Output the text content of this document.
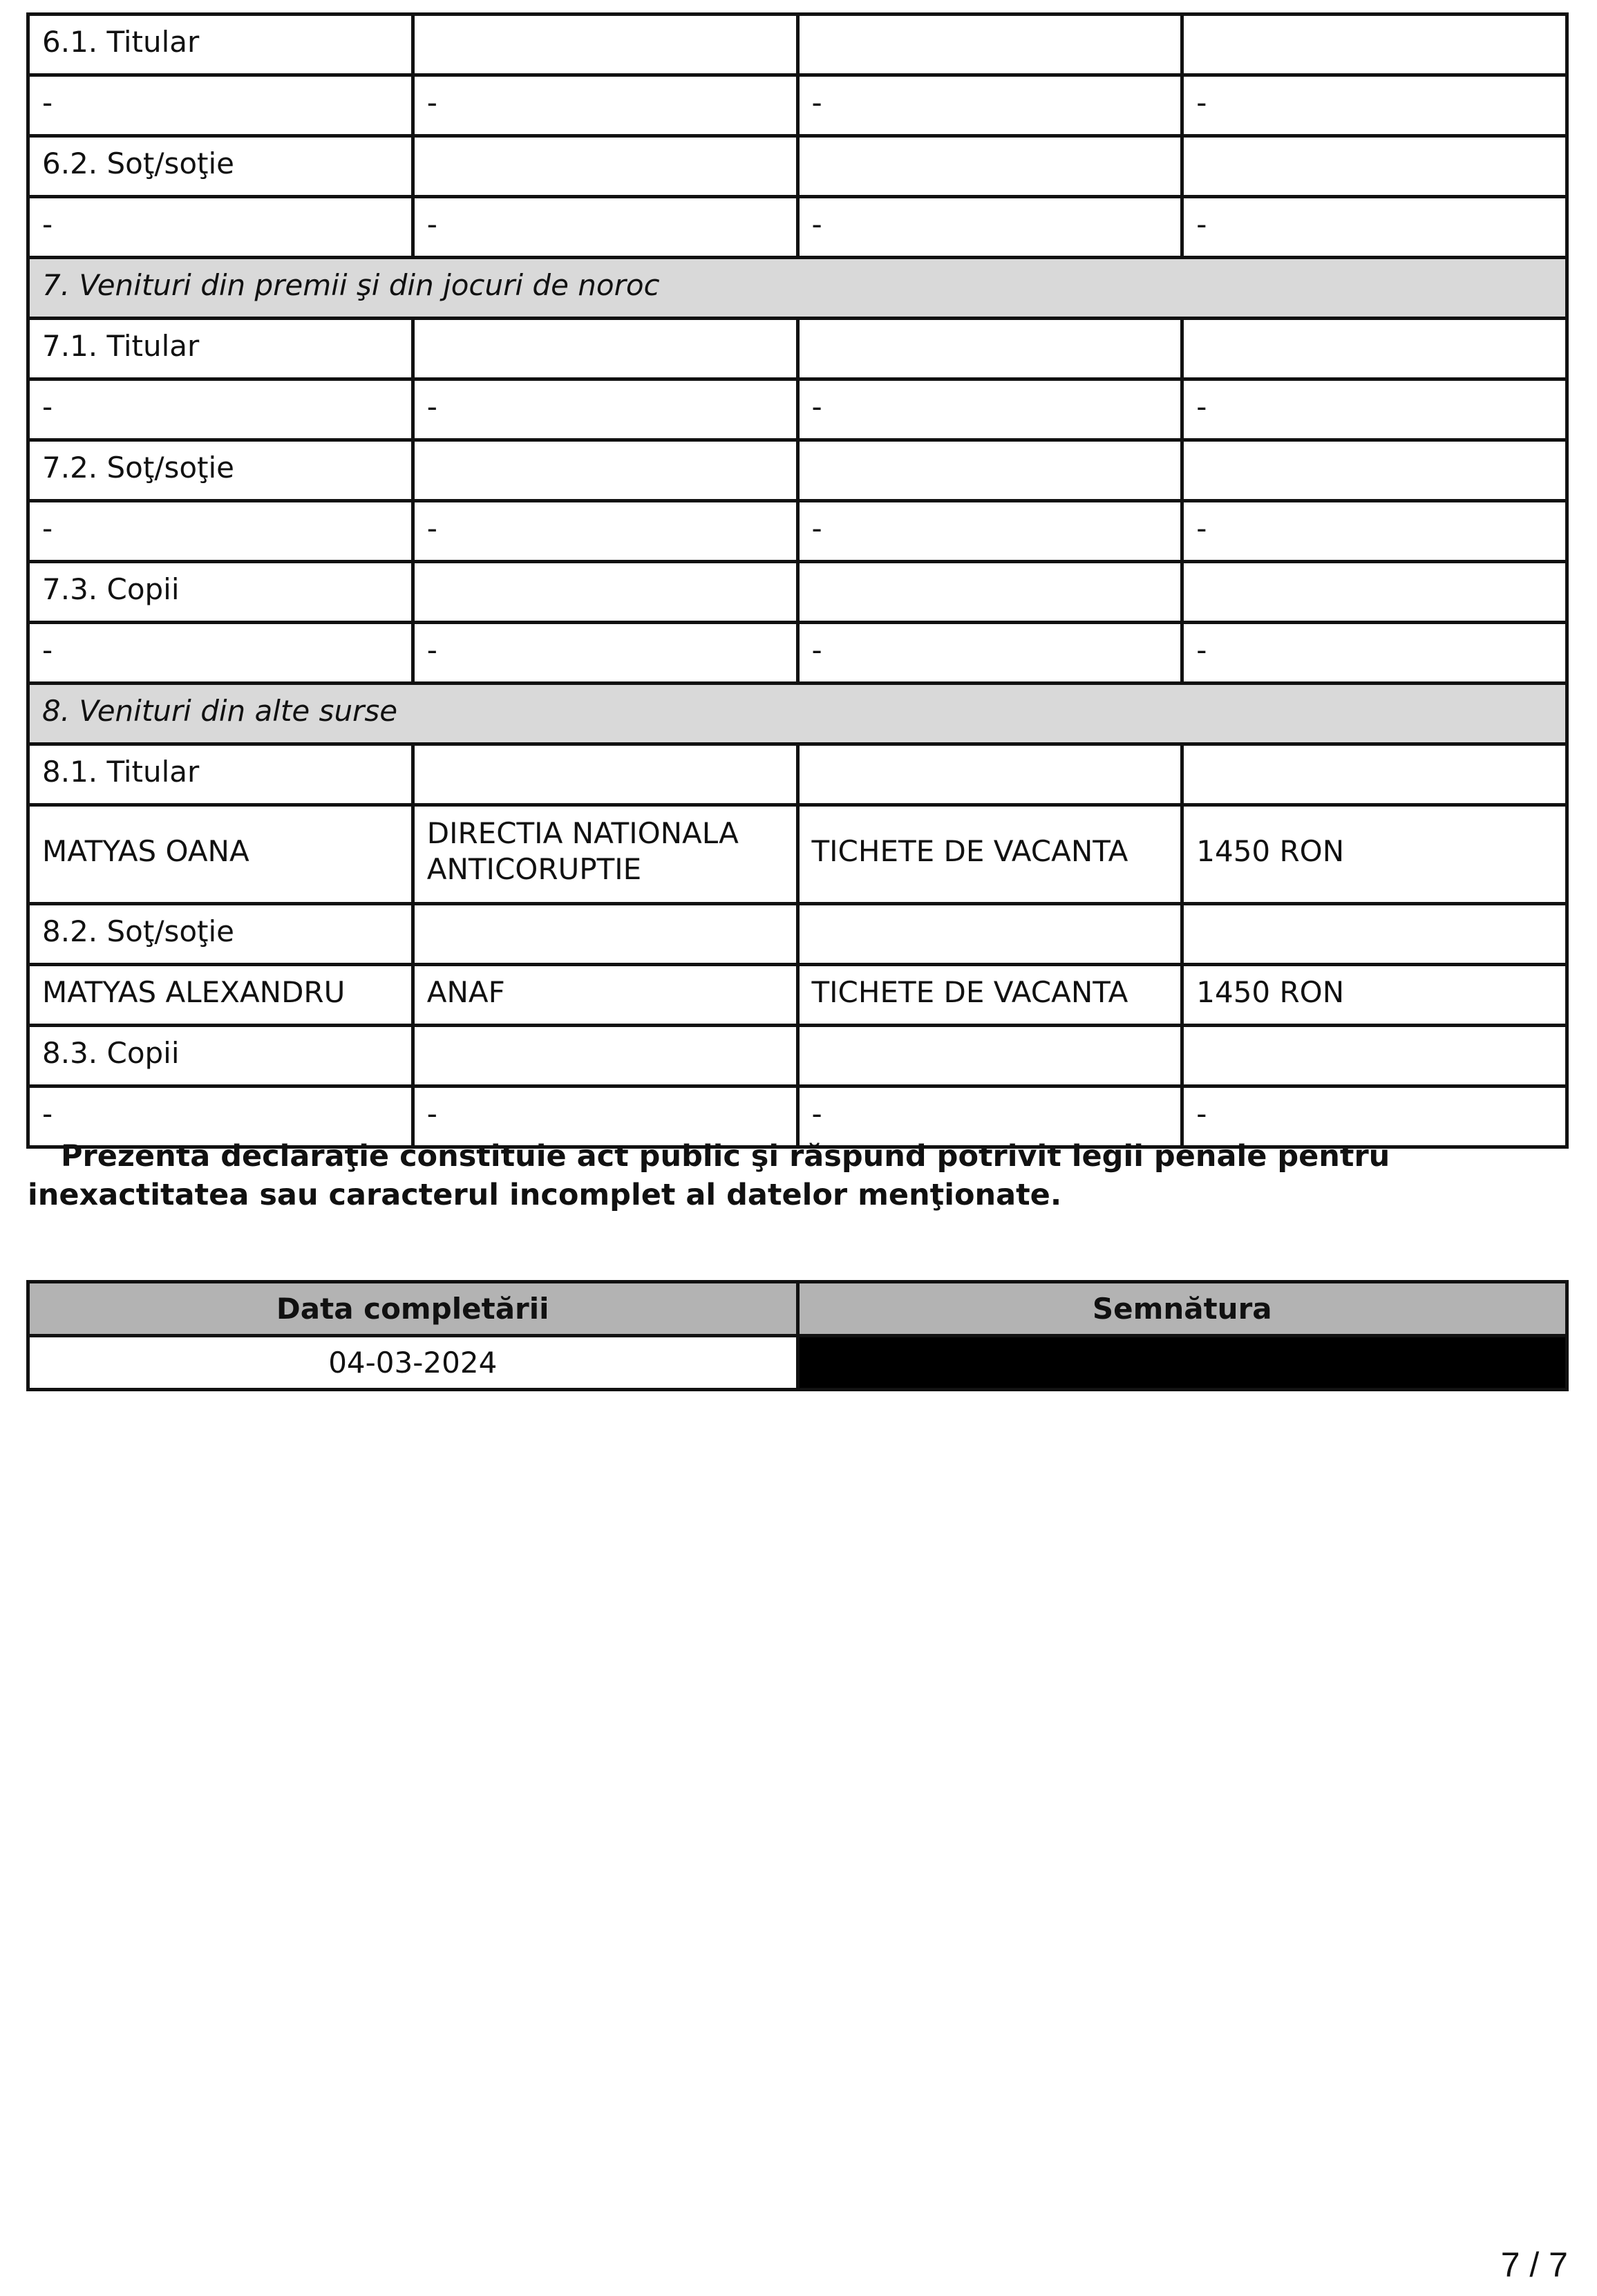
6.1. Titular			
-	-	-	-
6.2. Soţ/soţie			
-	-	-	-
7. Venituri din premii şi din jocuri de noroc			
7.1. Titular			
-	-	-	-
7.2. Soţ/soţie			
-	-	-	-
7.3. Copii			
-	-	-	-
8. Venituri din alte surse			
8.1. Titular			
MATYAS OANA	DIRECTIA NATIONALA ANTICORUPTIE	TICHETE DE VACANTA	1450 RON
8.2. Soţ/soţie			
MATYAS ALEXANDRU	ANAF	TICHETE DE VACANTA	1450 RON
8.3. Copii			
-	-	-	-

Prezenta declaraţie constituie act public şi răspund potrivit legii penale pentru inexactitatea sau caracterul incomplet al datelor menţionate.

Data completării	Semnătura
04-03-2024	
7 / 7
